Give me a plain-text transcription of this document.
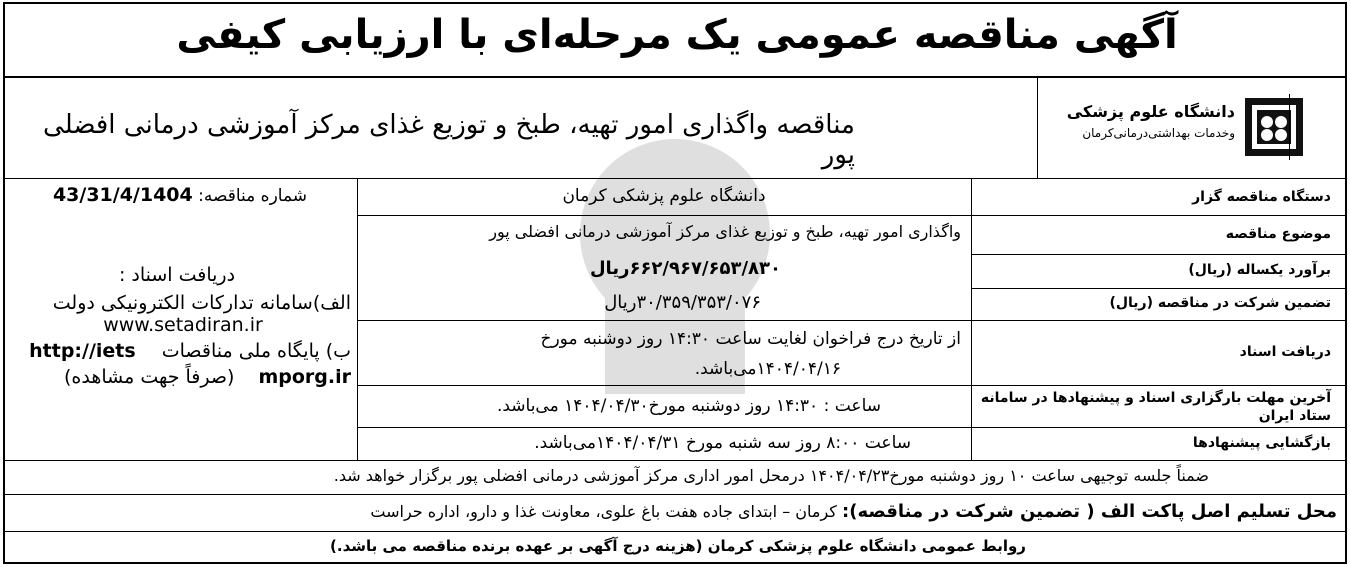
آگهی مناقصه عمومی یک مرحله‌ای با ارزیابی کیفی
مناقصه واگذاری امور تهیه، طبخ و توزیع غذای مرکز آموزشی درمانی افضلی پور
دانشگاه علوم پزشکی
وخدمات بهداشتی‌درمانی‌کرمان
شماره مناقصه: 43/31/4/1404	دستگاه مناقصه گزار
موضوع مناقصه
برآورد یکساله (ریال)
تضمین شرکت در مناقصه (ریال)
دریافت اسناد
آخرین مهلت بارگزاری اسناد و پیشنهادها در سامانه ستاد ایران
بازگشایی پیشنهادها
دانشگاه علوم پزشکی کرمان
واگذاری امور تهیه، طبخ و توزیع غذای مرکز آموزشی درمانی افضلی پور
۶۶۲/۹۶۷/۶۵۳/۸۳۰ریال
۳۰/۳۵۹/۳۵۳/۰۷۶ریال
از تاریخ درج فراخوان لغایت ساعت ۱۴:۳۰ روز دوشنبه مورخ
۱۴۰۴/۰۴/۱۶می‌باشد.
ساعت : ۱۴:۳۰ روز دوشنبه مورخ۱۴۰۴/۰۴/۳۰ می‌باشد.
ساعت ۸:۰۰ روز سه شنبه مورخ ۱۴۰۴/۰۴/۳۱می‌باشد.
دریافت اسناد :
الف)سامانه تدارکات الکترونیکی دولت
www.setadiran.ir
ب) پایگاه ملی مناقصات http://iets
mporg.ir (صرفاً جهت مشاهده)
ضمناً جلسه توجیهی ساعت ۱۰ روز دوشنبه مورخ۱۴۰۴/۰۴/۲۳ درمحل امور اداری مرکز آموزشی درمانی افضلی پور برگزار خواهد شد.
محل تسلیم اصل پاکت الف ( تضمین شرکت در مناقصه): کرمان – ابتدای جاده هفت باغ علوی، معاونت غذا و دارو، اداره حراست
روابط عمومی دانشگاه علوم پزشکی کرمان (هزینه درج آگهی بر عهده برنده مناقصه می باشد.)
